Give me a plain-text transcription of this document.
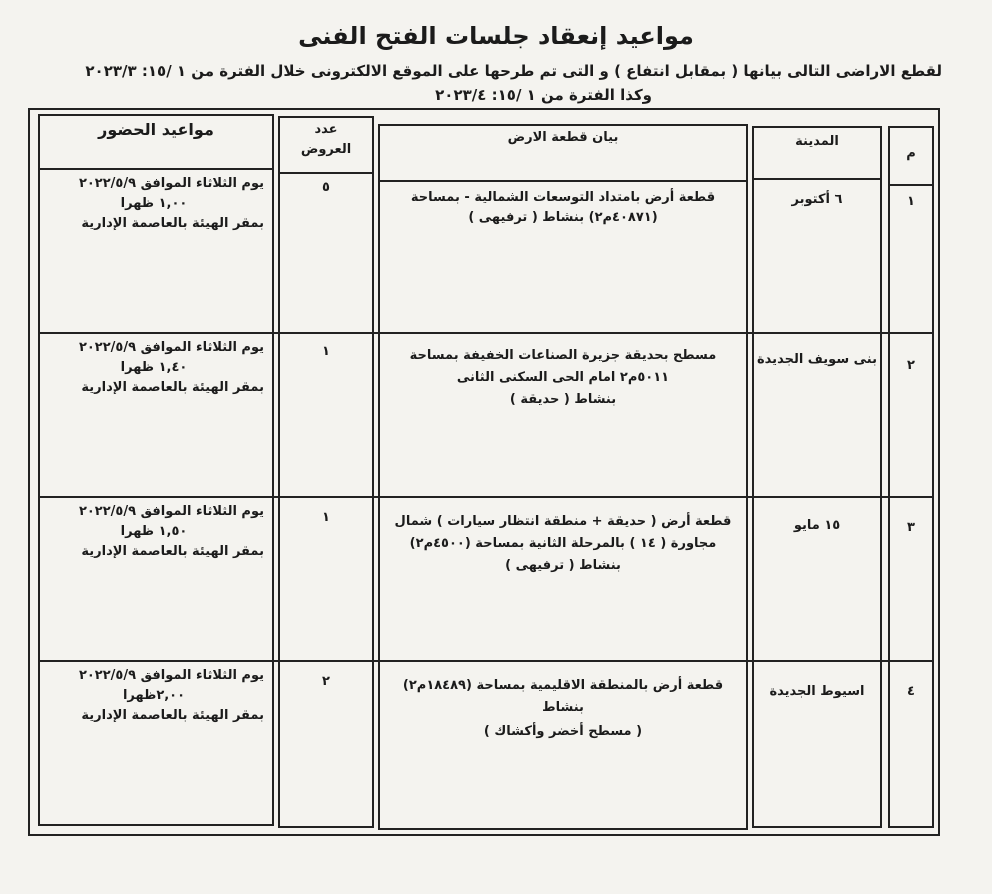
مواعيد إنعقاد جلسات الفتح الفنى
لقطع الاراضى التالى بيانها ( بمقابل انتفاع ) و التى تم طرحها على الموقع الالكترونى خلال الفترة من ١ /١٥: ٢٠٢٣/٣
وكذا الفترة من ١ /١٥: ٢٠٢٣/٤
م
المدينة
بيان قطعة الارض
عدد
العروض
مواعيد الحضور
١
٦ أكتوبر
قطعة أرض بامتداد التوسعات الشمالية - بمساحة
(٤٠٨٧١م٢) بنشاط ( ترفيهى )
٥
يوم الثلاثاء الموافق ٢٠٢٢/٥/٩
١,٠٠ ظهرا
بمقر الهيئة بالعاصمة الإدارية
٢
بنى سويف الجديدة
مسطح بحديقة جزيرة الصناعات الخفيفة بمساحة
٥٠١١م٢ امام الحى السكنى الثانى
بنشاط ( حديقة )
١
يوم الثلاثاء الموافق ٢٠٢٢/٥/٩
١,٤٠ ظهرا
بمقر الهيئة بالعاصمة الإدارية
٣
١٥ مايو
قطعة أرض ( حديقة + منطقة انتظار سيارات ) شمال
مجاورة ( ١٤ ) بالمرحلة الثانية بمساحة (٤٥٠٠م٢)
بنشاط ( ترفيهى )
١
يوم الثلاثاء الموافق ٢٠٢٢/٥/٩
١,٥٠ ظهرا
بمقر الهيئة بالعاصمة الإدارية
٤
اسيوط الجديدة
قطعة أرض بالمنطقة الاقليمية بمساحة (١٨٤٨٩م٢)
بنشاط
( مسطح أخضر وأكشاك )
٢
يوم الثلاثاء الموافق ٢٠٢٢/٥/٩
٢,٠٠ظهرا
بمقر الهيئة بالعاصمة الإدارية
